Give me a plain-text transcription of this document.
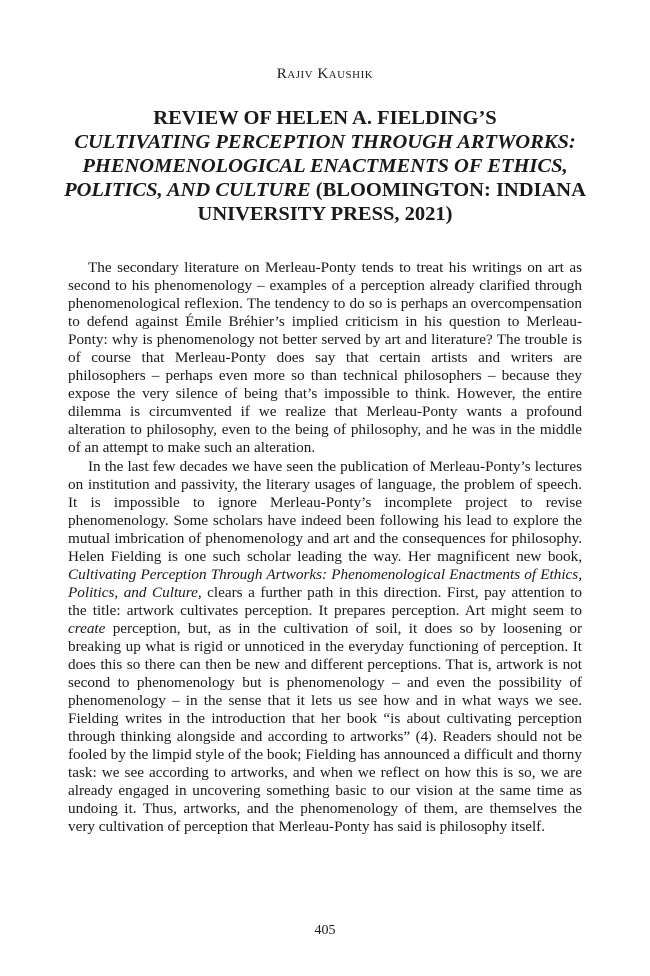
Rajiv Kaushik
REVIEW OF HELEN A. FIELDING’S
CULTIVATING PERCEPTION THROUGH ARTWORKS: PHENOMENOLOGICAL ENACTMENTS OF ETHICS, POLITICS, AND CULTURE (BLOOMINGTON: INDIANA UNIVERSITY PRESS, 2021)

The secondary literature on Merleau-Ponty tends to treat his writings on art as second to his phenomenology – examples of a perception already clarified through phenomenological reflexion. The tendency to do so is perhaps an overcompensation to defend against Émile Bréhier’s implied criticism in his question to Merleau-Ponty: why is phenomenology not better served by art and literature? The trouble is of course that Merleau-Ponty does say that certain artists and writers are philosophers – perhaps even more so than technical philosophers – because they expose the very silence of being that’s impossible to think. However, the entire dilemma is circumvented if we realize that Merleau-Ponty wants a profound alteration to philosophy, even to the being of philosophy, and he was in the middle of an attempt to make such an alteration.

In the last few decades we have seen the publication of Merleau-Ponty’s lectures on institution and passivity, the literary usages of language, the problem of speech. It is impossible to ignore Merleau-Ponty’s incomplete project to revise phenomenology. Some scholars have indeed been following his lead to explore the mutual imbrication of phenomenology and art and the consequences for philosophy. Helen Fielding is one such scholar leading the way. Her magnificent new book, Cultivating Perception Through Artworks: Phenomenological Enactments of Ethics, Politics, and Culture, clears a further path in this direction. First, pay attention to the title: artwork cultivates perception. It prepares perception. Art might seem to create perception, but, as in the cultivation of soil, it does so by loosening or breaking up what is rigid or unnoticed in the everyday functioning of perception. It does this so there can then be new and different perceptions. That is, artwork is not second to phenomenology but is phenomenology – and even the possibility of phenomenology – in the sense that it lets us see how and in what ways we see. Fielding writes in the introduction that her book “is about cultivating perception through thinking alongside and according to artworks” (4). Readers should not be fooled by the limpid style of the book; Fielding has announced a difficult and thorny task: we see according to artworks, and when we reflect on how this is so, we are already engaged in uncovering something basic to our vision at the same time as undoing it. Thus, artworks, and the phenomenology of them, are themselves the very cultivation of perception that Merleau-Ponty has said is philosophy itself.

405
